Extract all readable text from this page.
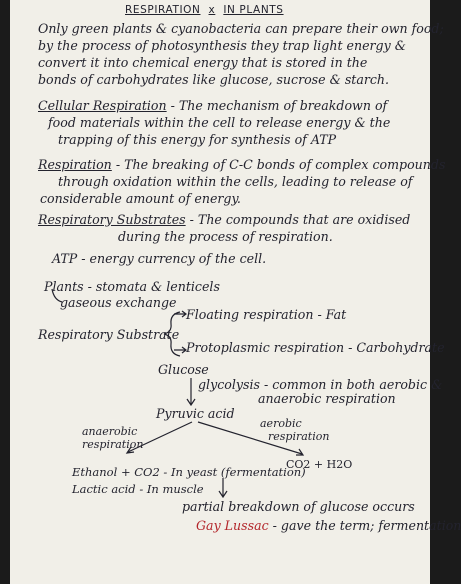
RESPIRATION x IN PLANTS
Only green plants & cyanobacteria can prepare their own food;
by the process of photosynthesis they trap light energy &
convert it into chemical energy that is stored in the
bonds of carbohydrates like glucose, sucrose & starch.
Cellular Respiration - The mechanism of breakdown of
food materials within the cell to release energy & the
trapping of this energy for synthesis of ATP
Respiration - The breaking of C-C bonds of complex compounds
through oxidation within the cells, leading to release of
considerable amount of energy.
Respiratory Substrates - The compounds that are oxidised
during the process of respiration.
ATP - energy currency of the cell.
Plants - stomata & lenticels
gaseous exchange
Respiratory Substrate
Floating respiration - Fat
Protoplasmic respiration - Carbohydrate
Glucose
glycolysis - common in both aerobic &
anaerobic respiration
Pyruvic acid
anaerobic
respiration
aerobic
respiration
CO2 + H2O
Ethanol + CO2 - In yeast (fermentation)
Lactic acid - In muscle
partial breakdown of glucose occurs
Gay Lussac - gave the term; fermentation
